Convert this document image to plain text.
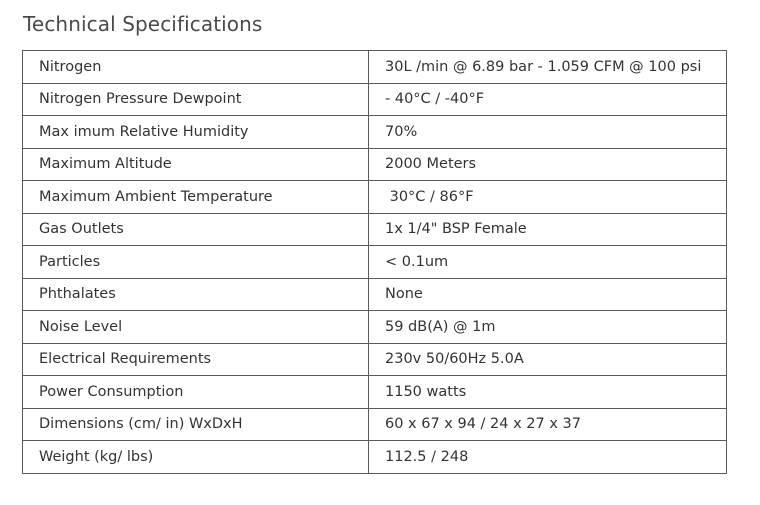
Technical Specifications
Nitrogen	30L /min @ 6.89 bar - 1.059 CFM @ 100 psi
Nitrogen Pressure Dewpoint	- 40°C / -40°F
Max imum Relative Humidity	70%
Maximum Altitude	2000 Meters
Maximum Ambient Temperature	30°C / 86°F
Gas Outlets	1x 1/4" BSP Female
Particles	< 0.1um
Phthalates	None
Noise Level	59 dB(A) @ 1m
Electrical Requirements	230v 50/60Hz 5.0A
Power Consumption	1150 watts
Dimensions (cm/ in) WxDxH	60 x 67 x 94 / 24 x 27 x 37
Weight (kg/ lbs)	112.5 / 248
